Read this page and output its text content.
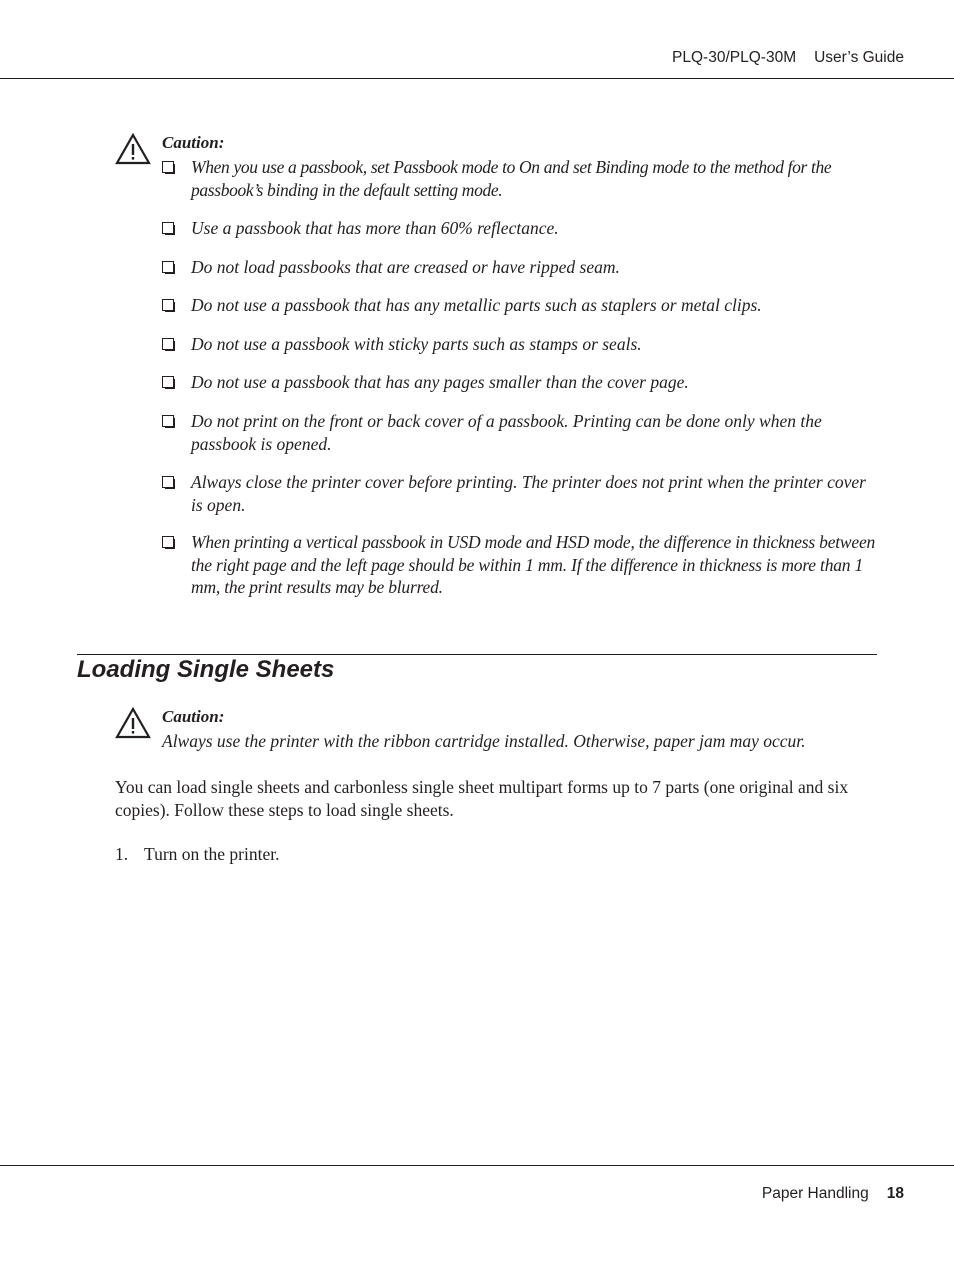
PLQ-30/PLQ-30M User’s Guide
Caution:
When you use a passbook, set Passbook mode to On and set Binding mode to the method for the passbook’s binding in the default setting mode.
Use a passbook that has more than 60% reflectance.
Do not load passbooks that are creased or have ripped seam.
Do not use a passbook that has any metallic parts such as staplers or metal clips.
Do not use a passbook with sticky parts such as stamps or seals.
Do not use a passbook that has any pages smaller than the cover page.
Do not print on the front or back cover of a passbook. Printing can be done only when the passbook is opened.
Always close the printer cover before printing. The printer does not print when the printer cover is open.
When printing a vertical passbook in USD mode and HSD mode, the difference in thickness between the right page and the left page should be within 1 mm. If the difference in thickness is more than 1 mm, the print results may be blurred.
Loading Single Sheets
Caution:
Always use the printer with the ribbon cartridge installed. Otherwise, paper jam may occur.
You can load single sheets and carbonless single sheet multipart forms up to 7 parts (one original and six copies). Follow these steps to load single sheets.
1. Turn on the printer.
Paper Handling 18
